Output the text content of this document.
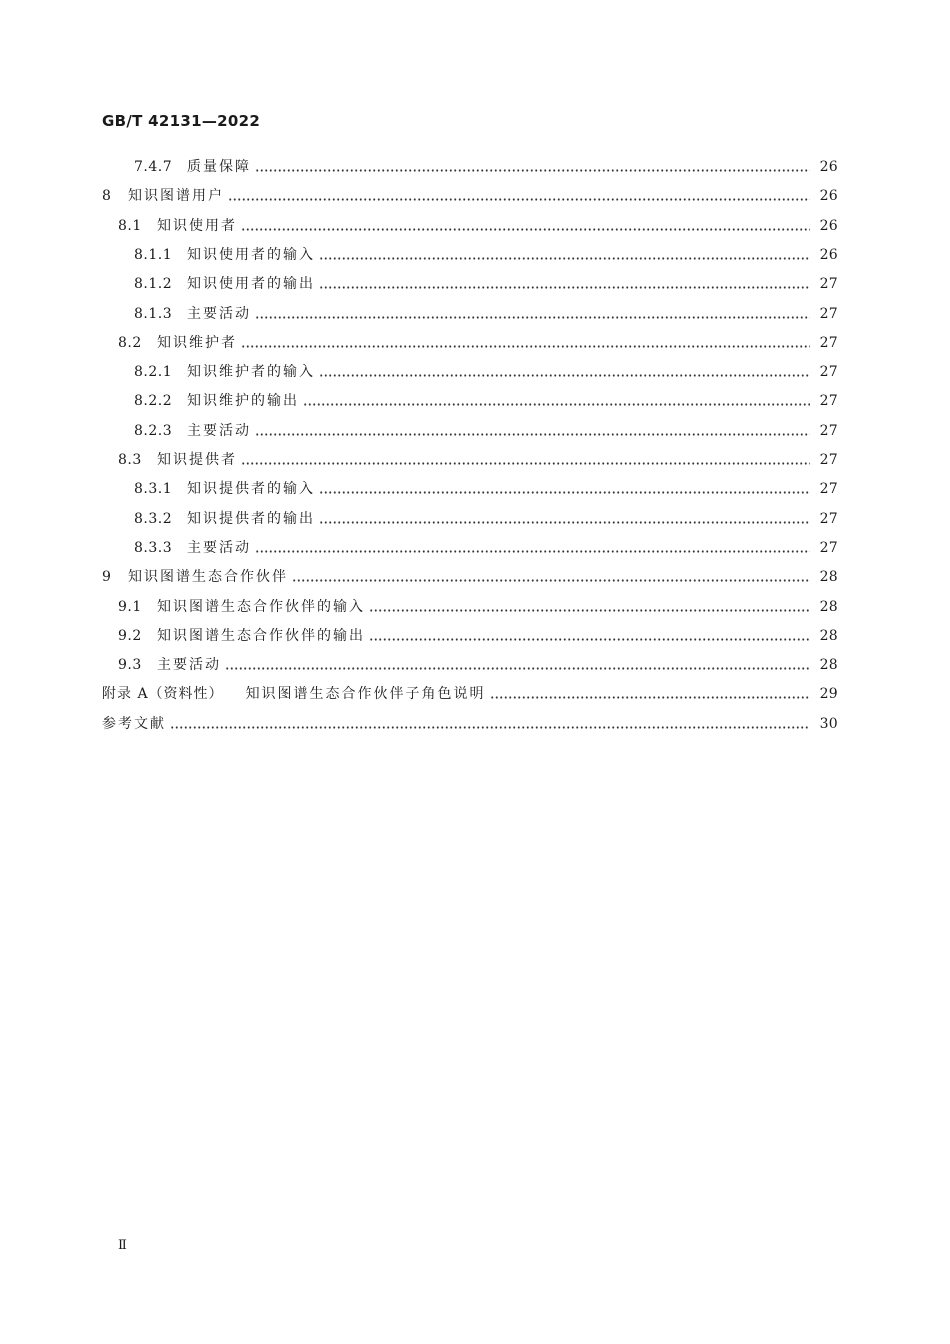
GB/T 42131—2022
7.4.7	质量保障	26
8	知识图谱用户	26
8.1	知识使用者	26
8.1.1	知识使用者的输入	26
8.1.2	知识使用者的输出	27
8.1.3	主要活动	27
8.2	知识维护者	27
8.2.1	知识维护者的输入	27
8.2.2	知识维护的输出	27
8.2.3	主要活动	27
8.3	知识提供者	27
8.3.1	知识提供者的输入	27
8.3.2	知识提供者的输出	27
8.3.3	主要活动	27
9	知识图谱生态合作伙伴	28
9.1	知识图谱生态合作伙伴的输入	28
9.2	知识图谱生态合作伙伴的输出	28
9.3	主要活动	28
附录 A（资料性） 知识图谱生态合作伙伴子角色说明	29
参考文献	30
Ⅱ
